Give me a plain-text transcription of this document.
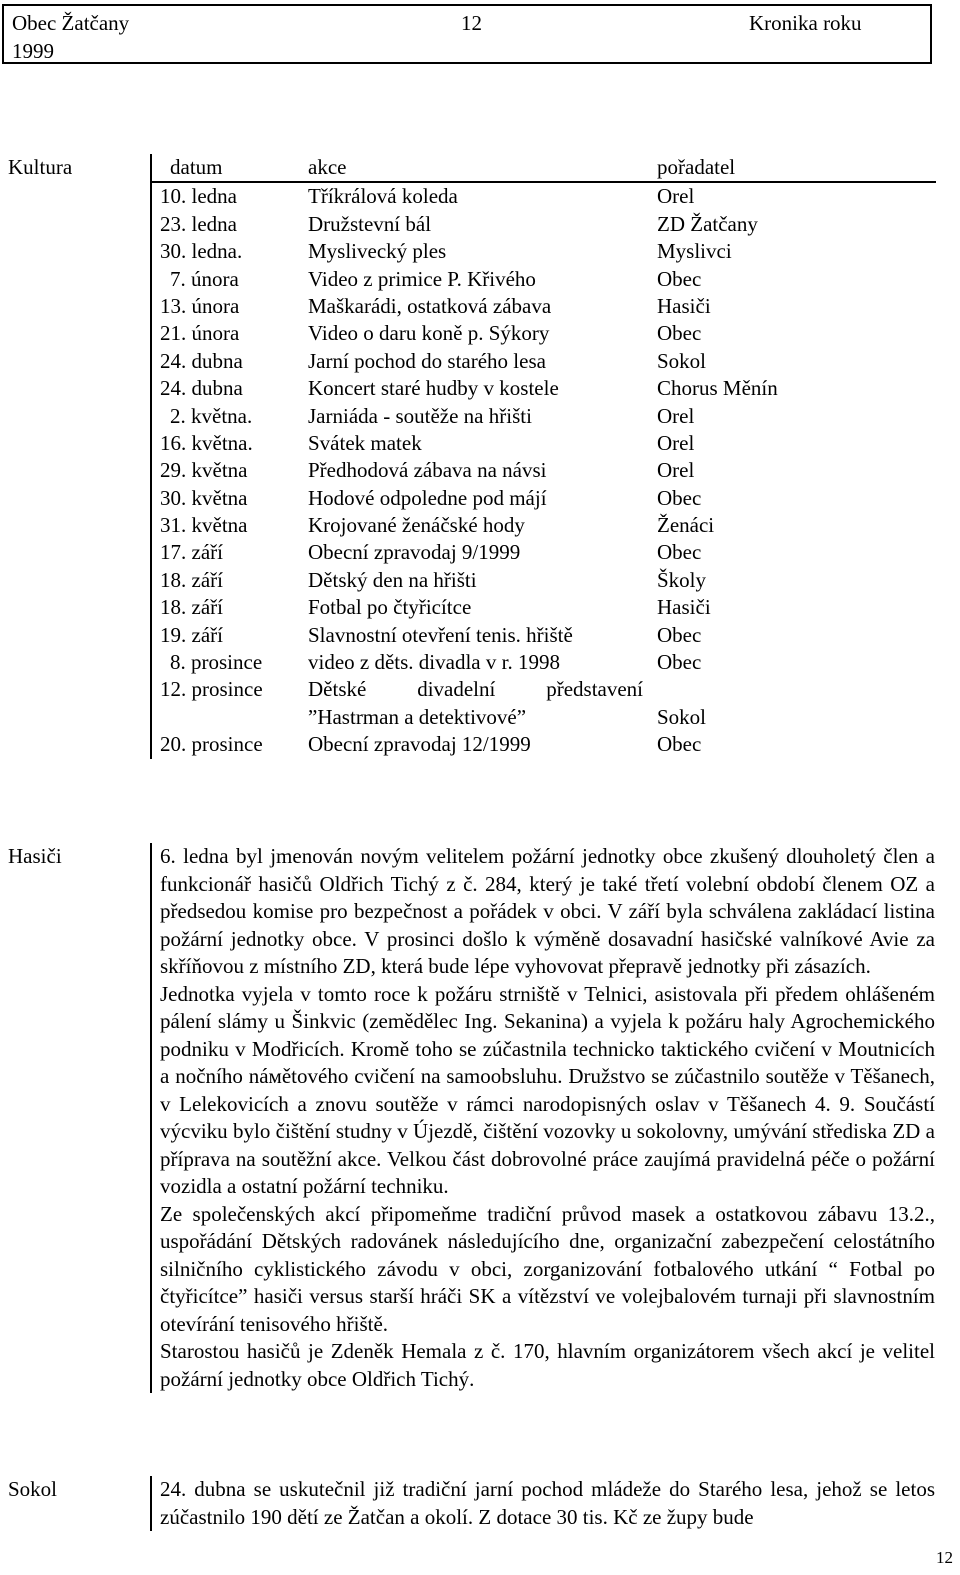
Obec Žatčany	12	Kronika roku
1999
Kultura	datum	akce	pořadatel
10. ledna	Tříkrálová koleda	Orel
23. ledna	Družstevní bál	ZD Žatčany
30. ledna.	Myslivecký ples	Myslivci
7. února	Video z primice P. Křivého	Obec
13. února	Maškarádi, ostatková zábava	Hasiči
21. února	Video o daru koně p. Sýkory	Obec
24. dubna	Jarní pochod do starého lesa	Sokol
24. dubna	Koncert staré hudby v kostele	Chorus Měnín
2. května.	Jarniáda - soutěže na hřišti	Orel
16. května.	Svátek matek	Orel
29. května	Předhodová zábava na návsi	Orel
30. května	Hodové odpoledne pod májí	Obec
31. května	Krojované ženáčské hody	Ženáci
17. září	Obecní zpravodaj 9/1999	Obec
18. září	Dětský den na hřišti	Školy
18. září	Fotbal po čtyřicítce	Hasiči
19. září	Slavnostní otevření tenis. hřiště	Obec
8. prosince video z děts. divadla v r. 1998	Obec
12. prosince Dětské divadelní představení
”Hastrman a detektivové”	Sokol
20. prosince Obecní zpravodaj 12/1999	Obec
Hasiči	6. ledna byl jmenován novým velitelem požární jednotky obce zkušený dlouholetý člen a funkcionář hasičů Oldřich Tichý z č. 284, který je také třetí volební období členem OZ a předsedou komise pro bezpečnost a pořádek v obci. V září byla schválena zakládací listina požární jednotky obce. V prosinci došlo k výměně dosavadní hasičské valníkové Avie za skříňovou z místního ZD, která bude lépe vyhovovat přepravě jednotky při zásazích.

Jednotka vyjela v tomto roce k požáru strniště v Telnici, asistovala při předem ohlášeném pálení slámy u Šinkvic (zemědělec Ing. Sekanina) a vyjela k požáru haly Agrochemického podniku v Modřicích. Kromě toho se zúčastnila technicko taktického cvičení v Moutnicích a nočního náмětového cvičení na samoobsluhu. Družstvo se zúčastnilo soutěže v Těšanech, v Lelekovicích a znovu soutěže v rámci narodopisných oslav v Těšanech 4. 9. Součástí výcviku bylo čištění studny v Újezdě, čištění vozovky u sokolovny, umývání střediska ZD a příprava na soutěžní akce. Velkou část dobrovolné práce zaujímá pravidelná péče o požární vozidla a ostatní požární techniku.

Ze společenských akcí připomeňme tradiční průvod masek a ostatkovou zábavu 13.2., uspořádání Dětských radovánek následujícího dne, organizační zabezpečení celostátního silničního cyklistického závodu v obci, zorganizování fotbalového utkání “ Fotbal po čtyřicítce” hasiči versus starší hráči SK a vítězství ve volejbalovém turnaji při slavnostním otevírání tenisového hřiště.

Starostou hasičů je Zdeněk Hemala z č. 170, hlavním organizátorem všech akcí je velitel požární jednotky obce Oldřich Tichý.

Sokol	24. dubna se uskutečnil již tradiční jarní pochod mládeže do Starého lesa, jehož se letos zúčastnilo 190 dětí ze Žatčan a okolí. Z dotace 30 tis. Kč ze župy bude

12
